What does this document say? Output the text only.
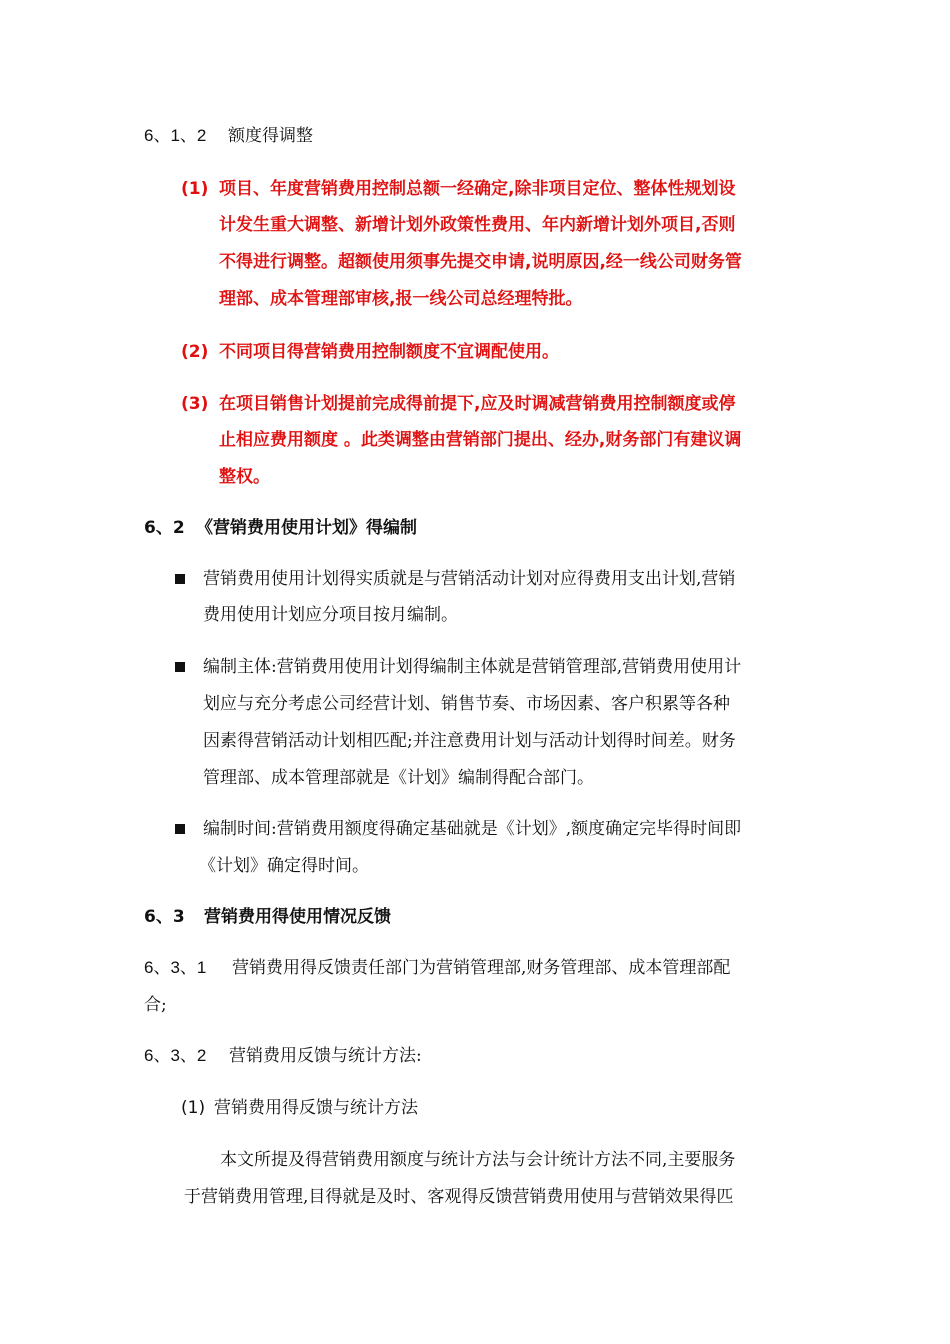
6、1、2 额度得调整
(1) 项目、年度营销费用控制总额一经确定,除非项目定位、整体性规划设
计发生重大调整、新增计划外政策性费用、年内新增计划外项目,否则
不得进行调整。超额使用须事先提交申请,说明原因,经一线公司财务管
理部、成本管理部审核,报一线公司总经理特批。
(2) 不同项目得营销费用控制额度不宜调配使用。
(3) 在项目销售计划提前完成得前提下,应及时调减营销费用控制额度或停
止相应费用额度 。此类调整由营销部门提出、经办,财务部门有建议调
整权。
6、2 《营销费用使用计划》得编制
营销费用使用计划得实质就是与营销活动计划对应得费用支出计划,营销
费用使用计划应分项目按月编制。
编制主体:营销费用使用计划得编制主体就是营销管理部,营销费用使用计
划应与充分考虑公司经营计划、销售节奏、市场因素、客户积累等各种
因素得营销活动计划相匹配;并注意费用计划与活动计划得时间差。财务
管理部、成本管理部就是《计划》编制得配合部门。
编制时间:营销费用额度得确定基础就是《计划》,额度确定完毕得时间即
《计划》确定得时间。
6、3 营销费用得使用情况反馈
6、3、1 营销费用得反馈责任部门为营销管理部,财务管理部、成本管理部配
合;
6、3、2 营销费用反馈与统计方法:
(1) 营销费用得反馈与统计方法
本文所提及得营销费用额度与统计方法与会计统计方法不同,主要服务
于营销费用管理,目得就是及时、客观得反馈营销费用使用与营销效果得匹
